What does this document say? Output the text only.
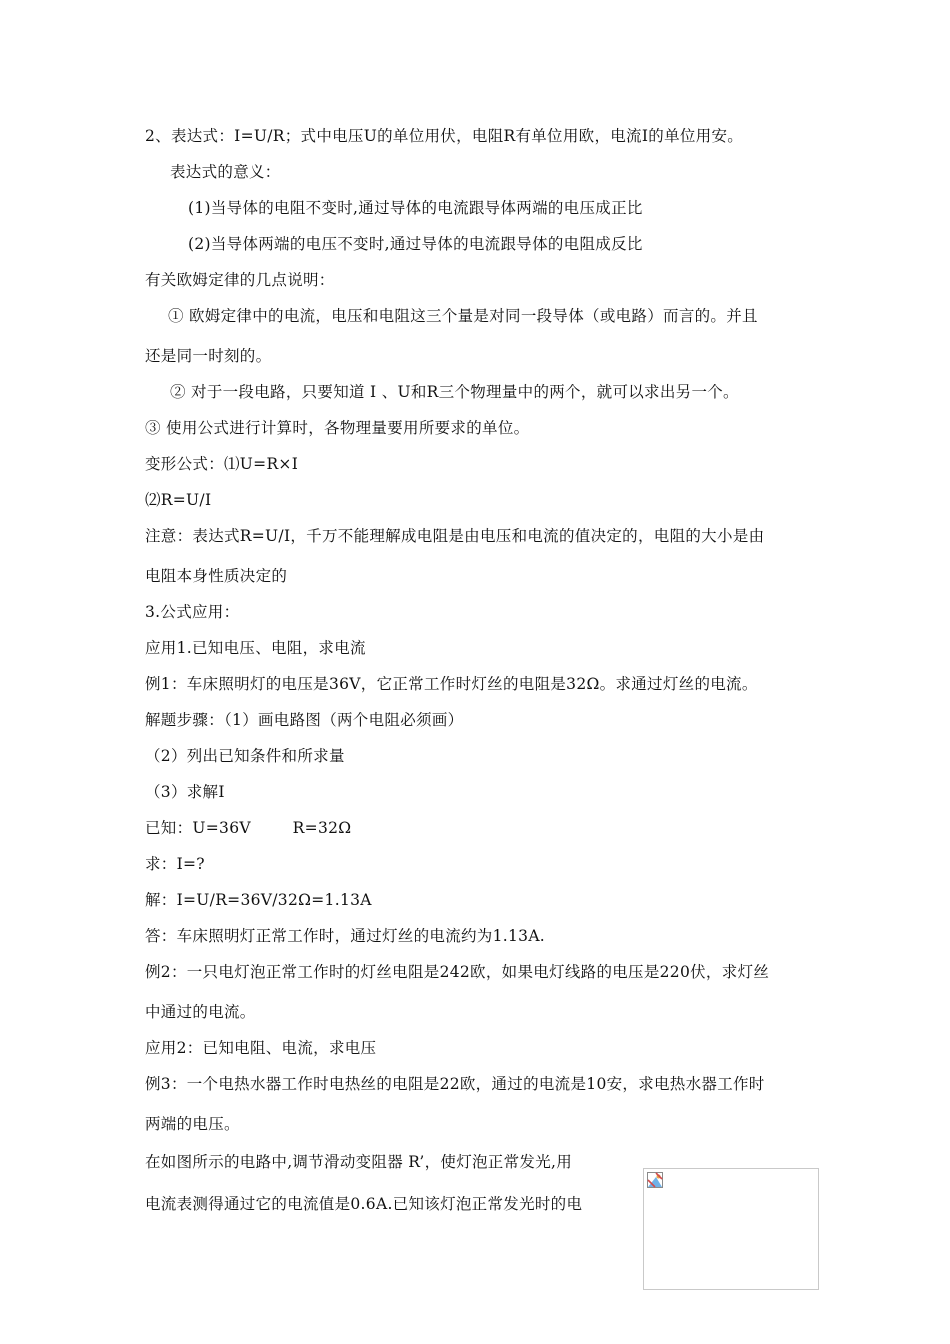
2、表达式：I=U/R；式中电压U的单位用伏，电阻R有单位用欧，电流I的单位用安。
表达式的意义：
(1)当导体的电阻不变时,通过导体的电流跟导体两端的电压成正比
(2)当导体两端的电压不变时,通过导体的电流跟导体的电阻成反比
有关欧姆定律的几点说明：
① 欧姆定律中的电流，电压和电阻这三个量是对同一段导体（或电路）而言的。并且
还是同一时刻的。
② 对于一段电路，只要知道 I 、U和R三个物理量中的两个，就可以求出另一个。
③ 使用公式进行计算时，各物理量要用所要求的单位。
变形公式：⑴U=R×I
⑵R=U/I
注意：表达式R=U/I，千万不能理解成电阻是由电压和电流的值决定的，电阻的大小是由
电阻本身性质决定的
3.公式应用：
应用1.已知电压、电阻，求电流
例1：车床照明灯的电压是36V，它正常工作时灯丝的电阻是32Ω。求通过灯丝的电流。
解题步骤：（1）画电路图（两个电阻必须画）
（2）列出已知条件和所求量
（3）求解I
已知：U=36V        R=32Ω
求：I=?
解：I=U/R=36V/32Ω=1.13A
答：车床照明灯正常工作时，通过灯丝的电流约为1.13A.
例2：一只电灯泡正常工作时的灯丝电阻是242欧，如果电灯线路的电压是220伏，求灯丝
中通过的电流。
应用2：已知电阻、电流，求电压
例3：一个电热水器工作时电热丝的电阻是22欧，通过的电流是10安，求电热水器工作时
两端的电压。
在如图所示的电路中,调节滑动变阻器 R’，使灯泡正常发光,用
电流表测得通过它的电流值是0.6A.已知该灯泡正常发光时的电
